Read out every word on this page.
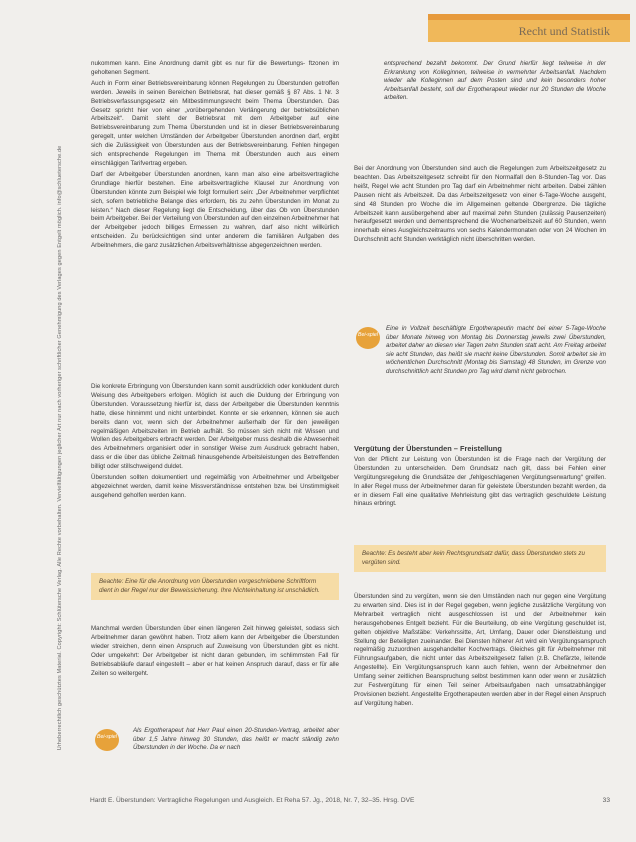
Recht und Statistik
Urheberrechtlich geschütztes Material. Copyright: Schlütersche Verlag. Alle Rechte vorbehalten. Vervielfältigungen jeglicher Art nur nach vorheriger schriftlicher Genehmigung des Verlages gegen Entgelt möglich. info@schluetersche.de

nukommen kann. Eine Anordnung damit gibt es nur für die Bewertungs- ftzonen im geholtenen Segment.

Auch in Form einer Betriebsvereinbarung können Regelungen zu Überstunden getroffen werden. Jeweils in seinen Bereichen Betriebsrat, hat dieser gemäß § 87 Abs. 1 Nr. 3 Betriebsverfassungsgesetz ein Mitbestimmungsrecht beim Thema Überstunden. Das Gesetz spricht hier von einer „vorübergehenden Verlängerung der betriebsüblichen Arbeitszeit“. Damit steht der Betriebsrat mit dem Arbeitgeber auf eine Betriebsvereinbarung zum Thema Überstunden und ist in dieser Betriebsvereinbarung geregelt, unter welchen Umständen der Arbeitgeber Überstunden anordnen darf, ergibt sich die Zulässigkeit von Überstunden aus der Betriebsvereinbarung. Fehlen hingegen sich entsprechende Regelungen im Thema mit Überstunden auch aus einem einschlägigen Tarifvertrag ergeben.

Darf der Arbeitgeber Überstunden anordnen, kann man also eine arbeitsvertragliche Grundlage hierfür bestehen. Eine arbeitsvertragliche Klausel zur Anordnung von Überstunden könnte zum Beispiel wie folgt formuliert sein: „Der Arbeitnehmer verpflichtet sich, sofern betriebliche Belange dies erfordern, bis zu zehn Überstunden im Monat zu leisten.“ Nach dieser Regelung liegt die Entscheidung, über das Ob von Überstunden beim Arbeitgeber. Bei der Verteilung von Überstunden auf den einzelnen Arbeitnehmer hat der Arbeitgeber jedoch billiges Ermessen zu wahren, darf also nicht willkürlich entscheiden. Zu berücksichtigen sind unter anderem die familiären Aufgaben des Arbeitnehmers, die ganz zusätzlichen Arbeitsverhältnisse abgegenzeichnen werden.

Die konkrete Erbringung von Überstunden kann somit ausdrücklich oder konkludent durch Weisung des Arbeitgebers erfolgen. Möglich ist auch die Duldung der Erbringung von Überstunden. Voraussetzung hierfür ist, dass der Arbeitgeber die Überstunden kenntnis hatte, diese hinnimmt und nicht unterbindet. Konnte er sie erkennen, können sie auch bereits dann vor, wenn sich der Arbeitnehmer außerhalb der für den jeweiligen regelmäßigen Arbeitszeiten im Betrieb aufhält. So müssen sich nicht mit Wissen und Wollen des Arbeitgebers erbracht werden. Der Arbeitgeber muss deshalb die Abwesenheit des Arbeitnehmers organisiert oder in sonstiger Weise zum Ausdruck gebracht haben, dass er die über das übliche Zeitmaß hinausgehende Arbeitsleistungen des Betreffenden billigt oder stillschweigend duldet.

Überstunden sollten dokumentiert und regelmäßig von Arbeitnehmer und Arbeitgeber abgezeichnet werden, damit keine Missverständnisse entstehen bzw. bei Unstimmigkeit ausgehend geholfen werden kann.

Beachte: Eine für die Anordnung von Überstunden vorgeschriebene Schriftform dient in der Regel nur der Beweissicherung. Ihre Nichteinhaltung ist unschädlich.

Manchmal werden Überstunden über einen längeren Zeit hinweg geleistet, sodass sich Arbeitnehmer daran gewöhnt haben. Trotz allem kann der Arbeitgeber die Überstunden wieder streichen, denn einen Anspruch auf Zuweisung von Überstunden gibt es nicht. Oder umgekehrt: Der Arbeitgeber ist nicht daran gebunden, im schlimmsten Fall für Betriebsabläufe darauf eingestellt – aber er hat keinen Anspruch darauf, dass er für alle Zeiten so weitergeht.

Bei-spiel
Als Ergotherapeut hat Herr Paul einen 20-Stunden-Vertrag, arbeitet aber über 1,5 Jahre hinweg 30 Stunden, das heißt er macht ständig zehn Überstunden in der Woche. Da er nach
entsprechend bezahlt bekommt. Der Grund hierfür liegt teilweise in der Erkrankung von Kolleginnen, teilweise in vermehrter Arbeitsanfall. Nachdem wieder alle Kolleginnen auf dem Posten sind und kein besonders hoher Arbeitsanfall besteht, soll der Ergotherapeut wieder nur 20 Stunden die Woche arbeiten.

Bei der Anordnung von Überstunden sind auch die Regelungen zum Arbeitszeitgesetz zu beachten. Das Arbeitszeitgesetz schreibt für den Normalfall den 8-Stunden-Tag vor. Das heißt, Regel wie acht Stunden pro Tag darf ein Arbeitnehmer nicht arbeiten. Dabei zählen Pausen nicht als Arbeitszeit. Da das Arbeitszeitgesetz von einer 6-Tage-Woche ausgeht, sind 48 Stunden pro Woche die im Allgemeinen geltende Obergrenze. Die tägliche Arbeitszeit kann ausübergehend aber auf maximal zehn Stunden (zulässig Pausenzeiten) heraufgesetzt werden und dementsprechend die Wochenarbeitszeit auf 60 Stunden, wenn innerhalb eines Ausgleichszeitraums von sechs Kalendermonaten oder von 24 Wochen im Durchschnitt acht Stunden werktäglich nicht überschritten werden.

Bei-spiel
Eine in Vollzeit beschäftigte Ergotherapeutin macht bei einer 5-Tage-Woche über Monate hinweg von Montag bis Donnerstag jeweils zwei Überstunden, arbeitet daher an diesen vier Tagen zehn Stunden statt acht. Am Freitag arbeitet sie acht Stunden, das heißt sie macht keine Überstunden. Somit arbeitet sie im wöchentlichen Durchschnitt (Montag bis Samstag) 48 Stunden, im Grenze von durchschnittlich acht Stunden pro Tag wird damit nicht gebrochen.

Vergütung der Überstunden – Freistellung

Von der Pflicht zur Leistung von Überstunden ist die Frage nach der Vergütung der Überstunden zu unterscheiden. Dem Grundsatz nach gilt, dass bei Fehlen einer Vergütungsregelung die Grundsätze der „fehlgeschlagenen Vergütungserwartung“ greifen. In aller Regel muss der Arbeitnehmer daran für geleistete Überstunden bezahlt werden, da er in diesem Fall eine qualitative Mehrleistung gibt das vertraglich geschuldete Leistung hinaus erbringt.

Beachte: Es besteht aber kein Rechtsgrundsatz dafür, dass Überstunden stets zu vergüten sind.

Überstunden sind zu vergüten, wenn sie den Umständen nach nur gegen eine Vergütung zu erwarten sind. Dies ist in der Regel gegeben, wenn jegliche zusätzliche Vergütung von Mehrarbeit vertraglich nicht ausgeschlossen ist und der Arbeitnehmer kein herausgehobenes Entgelt bezieht. Für die Beurteilung, ob eine Vergütung geschuldet ist, gelten objektive Maßstäbe: Verkehrssitte, Art, Umfang, Dauer oder Dienstleistung und Stellung der Beteiligten zueinander. Bei Diensten höherer Art wird ein Vergütungsanspruch regelmäßig zuzuordnen ausgehandelter Kochvertrags. Gleiches gilt für Arbeitnehmer mit Führungsaufgaben, die nicht unter das Arbeitszeitgesetz fallen (z.B. Chefärzte, leitende Angestellte). Ein Vergütungsanspruch kann auch fehlen, wenn der Arbeitnehmer den Umfang seiner zeitlichen Beanspruchung selbst bestimmen kann oder wenn er zusätzlich zur Festvergütung für einen Teil seiner Arbeitsaufgaben nach umsatzabhängiger Provisionen bezieht. Angestellte Ergotherapeuten werden aber in der Regel einen Anspruch auf Vergütung haben.

Hardt E. Überstunden: Vertragliche Regelungen und Ausgleich. Et Reha 57. Jg., 2018, Nr. 7, 32–35. Hrsg. DVE	33
